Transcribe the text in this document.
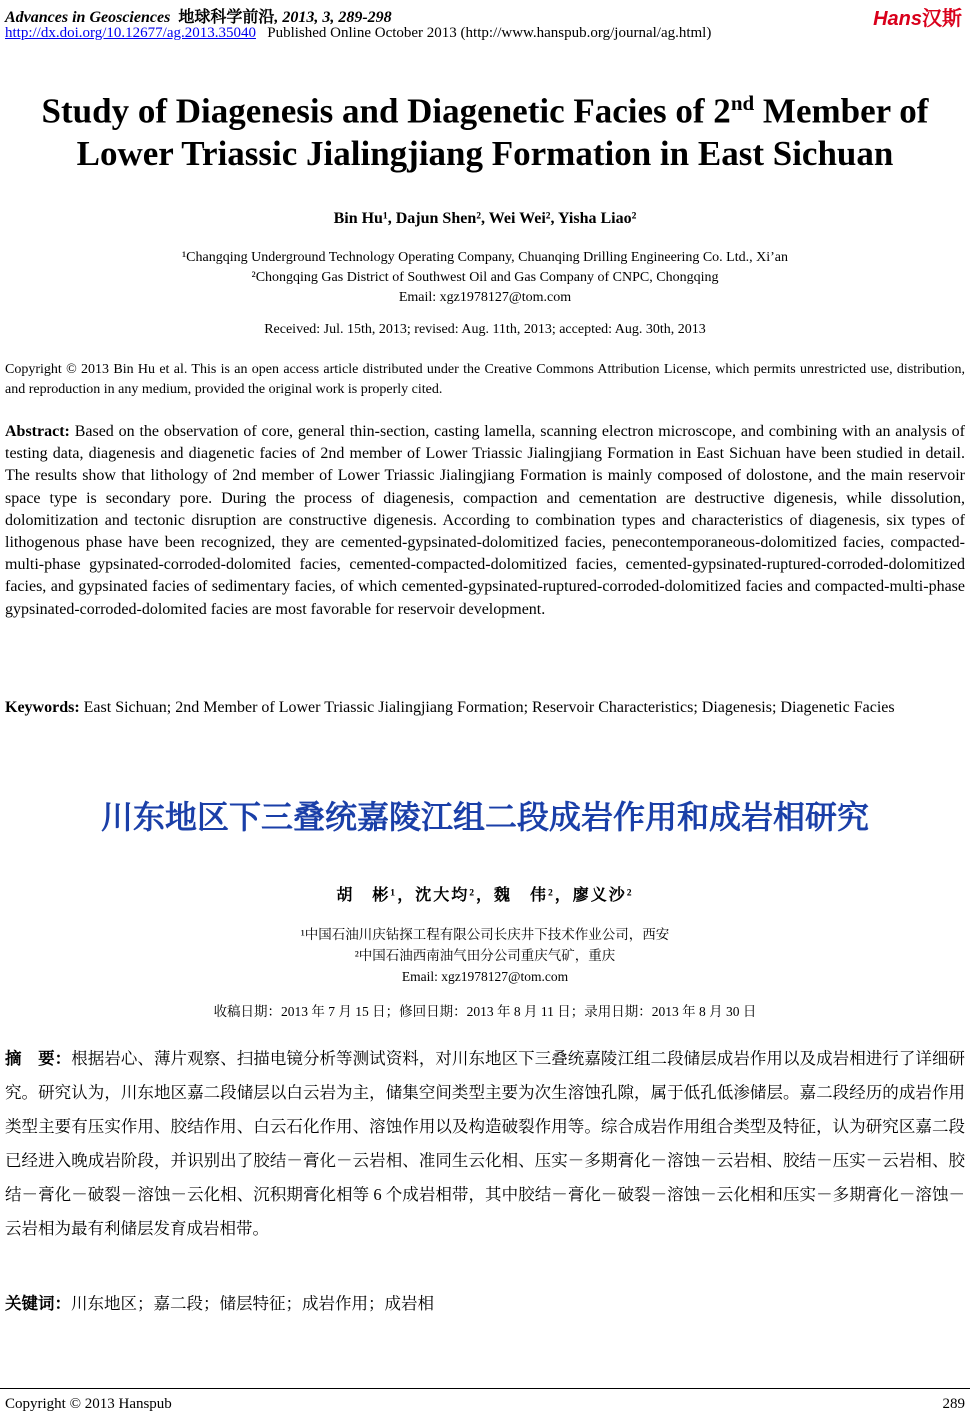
Advances in Geosciences 地球科学前沿, 2013, 3, 289-298
http://dx.doi.org/10.12677/ag.2013.35040 Published Online October 2013 (http://www.hanspub.org/journal/ag.html)
Hans汉斯
Study of Diagenesis and Diagenetic Facies of 2nd Member of
Lower Triassic Jialingjiang Formation in East Sichuan
Bin Hu¹, Dajun Shen², Wei Wei², Yisha Liao²
¹Changqing Underground Technology Operating Company, Chuanqing Drilling Engineering Co. Ltd., Xi’an
²Chongqing Gas District of Southwest Oil and Gas Company of CNPC, Chongqing
Email: xgz1978127@tom.com
Received: Jul. 15th, 2013; revised: Aug. 11th, 2013; accepted: Aug. 30th, 2013
Copyright © 2013 Bin Hu et al. This is an open access article distributed under the Creative Commons Attribution License, which permits unrestricted use, distribution, and reproduction in any medium, provided the original work is properly cited.
Abstract: Based on the observation of core, general thin-section, casting lamella, scanning electron microscope, and combining with an analysis of testing data, diagenesis and diagenetic facies of 2nd member of Lower Triassic Jialingjiang Formation in East Sichuan have been studied in detail. The results show that lithology of 2nd member of Lower Triassic Jialingjiang Formation is mainly composed of dolostone, and the main reservoir space type is secondary pore. During the process of diagenesis, compaction and cementation are destructive digenesis, while dissolution, dolomitization and tectonic disruption are constructive digenesis. According to combination types and characteristics of diagenesis, six types of lithogenous phase have been recognized, they are cemented-gypsinated-dolomitized facies, penecontemporaneous-dolomitized facies, compacted-multi-phase gypsinated-corroded-dolomited facies, cemented-compacted-dolomitized facies, cemented-gypsinated-ruptured-corroded-dolomitized facies, and gypsinated facies of sedimentary facies, of which cemented-gypsinated-ruptured-corroded-dolomitized facies and compacted-multi-phase gypsinated-corroded-dolomited facies are most favorable for reservoir development.
Keywords: East Sichuan; 2nd Member of Lower Triassic Jialingjiang Formation; Reservoir Characteristics; Diagenesis; Diagenetic Facies
川东地区下三叠统嘉陵江组二段成岩作用和成岩相研究
胡　彬¹，沈大均²，魏　伟²，廖义沙²
¹中国石油川庆钻探工程有限公司长庆井下技术作业公司，西安
²中国石油西南油气田分公司重庆气矿，重庆
Email: xgz1978127@tom.com
收稿日期：2013 年 7 月 15 日；修回日期：2013 年 8 月 11 日；录用日期：2013 年 8 月 30 日
摘　要：根据岩心、薄片观察、扫描电镜分析等测试资料，对川东地区下三叠统嘉陵江组二段储层成岩作用以及成岩相进行了详细研究。研究认为，川东地区嘉二段储层以白云岩为主，储集空间类型主要为次生溶蚀孔隙，属于低孔低渗储层。嘉二段经历的成岩作用类型主要有压实作用、胶结作用、白云石化作用、溶蚀作用以及构造破裂作用等。综合成岩作用组合类型及特征，认为研究区嘉二段已经进入晚成岩阶段，并识别出了胶结－膏化－云岩相、准同生云化相、压实－多期膏化－溶蚀－云岩相、胶结－压实－云岩相、胶结－膏化－破裂－溶蚀－云化相、沉积期膏化相等 6 个成岩相带，其中胶结－膏化－破裂－溶蚀－云化相和压实－多期膏化－溶蚀－云岩相为最有利储层发育成岩相带。
关键词：川东地区；嘉二段；储层特征；成岩作用；成岩相
Copyright © 2013 Hanspub	289
